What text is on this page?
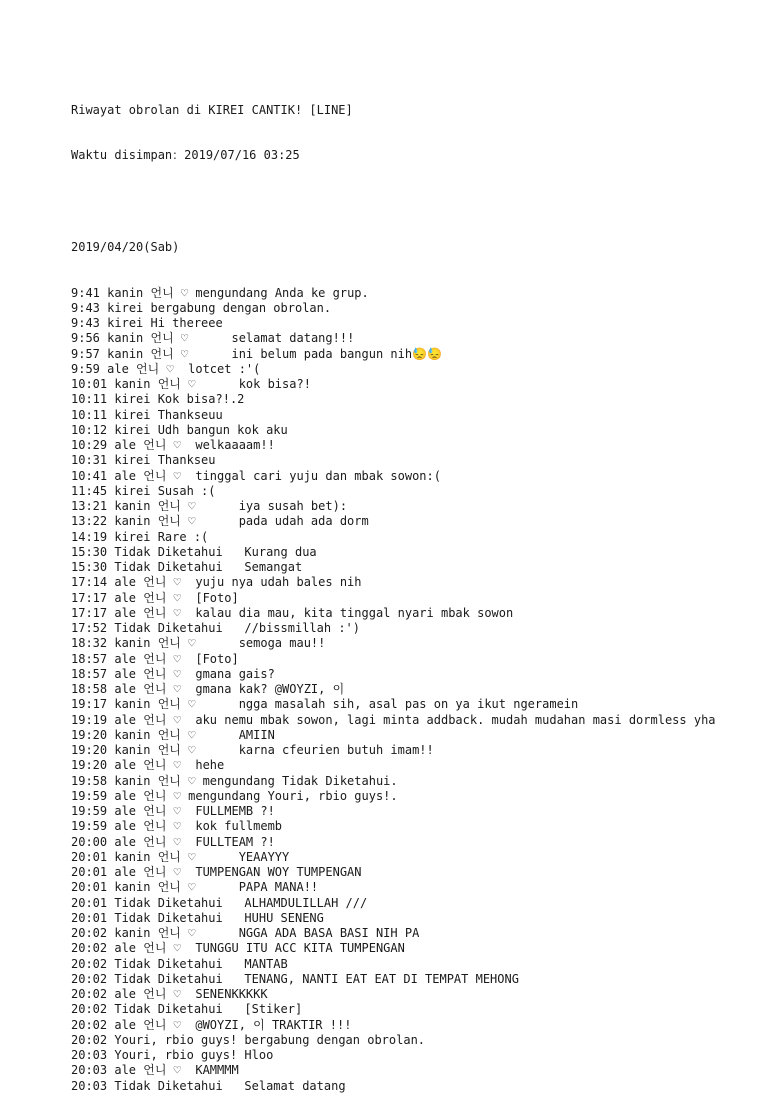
Riwayat obrolan di KIREI CANTIK! [LINE]

Waktu disimpan：2019/07/16 03:25

2019/04/20(Sab)

9:41 kanin 언니 ♡ mengundang Anda ke grup.
9:43 kirei bergabung dengan obrolan.
9:43 kirei Hi thereee
9:56 kanin 언니 ♡      selamat datang!!!
9:57 kanin 언니 ♡      ini belum pada bangun nih😓😓
9:59 ale 언니 ♡  lotcet :'(
10:01 kanin 언니 ♡      kok bisa?!
10:11 kirei Kok bisa?!.2
10:11 kirei Thankseuu
10:12 kirei Udh bangun kok aku
10:29 ale 언니 ♡  welkaaaam!!
10:31 kirei Thankseu
10:41 ale 언니 ♡  tinggal cari yuju dan mbak sowon:(
11:45 kirei Susah :(
13:21 kanin 언니 ♡      iya susah bet):
13:22 kanin 언니 ♡      pada udah ada dorm
14:19 kirei Rare :(
15:30 Tidak Diketahui   Kurang dua
15:30 Tidak Diketahui   Semangat
17:14 ale 언니 ♡  yuju nya udah bales nih
17:17 ale 언니 ♡  [Foto]
17:17 ale 언니 ♡  kalau dia mau, kita tinggal nyari mbak sowon
17:52 Tidak Diketahui   //bissmillah :')
18:32 kanin 언니 ♡      semoga mau!!
18:57 ale 언니 ♡  [Foto]
18:57 ale 언니 ♡  gmana gais?
18:58 ale 언니 ♡  gmana kak? @WOYZI, 이
19:17 kanin 언니 ♡      ngga masalah sih, asal pas on ya ikut ngeramein
19:19 ale 언니 ♡  aku nemu mbak sowon, lagi minta addback. mudah mudahan masi dormless yha
19:20 kanin 언니 ♡      AMIIN
19:20 kanin 언니 ♡      karna cfeurien butuh imam!!
19:20 ale 언니 ♡  hehe
19:58 kanin 언니 ♡ mengundang Tidak Diketahui.
19:59 ale 언니 ♡ mengundang Youri, rbio guys!.
19:59 ale 언니 ♡  FULLMEMB ?!
19:59 ale 언니 ♡  kok fullmemb
20:00 ale 언니 ♡  FULLTEAM ?!
20:01 kanin 언니 ♡      YEAAYYY
20:01 ale 언니 ♡  TUMPENGAN WOY TUMPENGAN
20:01 kanin 언니 ♡      PAPA MANA!!
20:01 Tidak Diketahui   ALHAMDULILLAH ///
20:01 Tidak Diketahui   HUHU SENENG
20:02 kanin 언니 ♡      NGGA ADA BASA BASI NIH PA
20:02 ale 언니 ♡  TUNGGU ITU ACC KITA TUMPENGAN
20:02 Tidak Diketahui   MANTAB
20:02 Tidak Diketahui   TENANG, NANTI EAT EAT DI TEMPAT MEHONG
20:02 ale 언니 ♡  SENENKKKKK
20:02 Tidak Diketahui   [Stiker]
20:02 ale 언니 ♡  @WOYZI, 이 TRAKTIR !!!
20:02 Youri, rbio guys! bergabung dengan obrolan.
20:03 Youri, rbio guys! Hloo
20:03 ale 언니 ♡  KAMMMM
20:03 Tidak Diketahui   Selamat datang
